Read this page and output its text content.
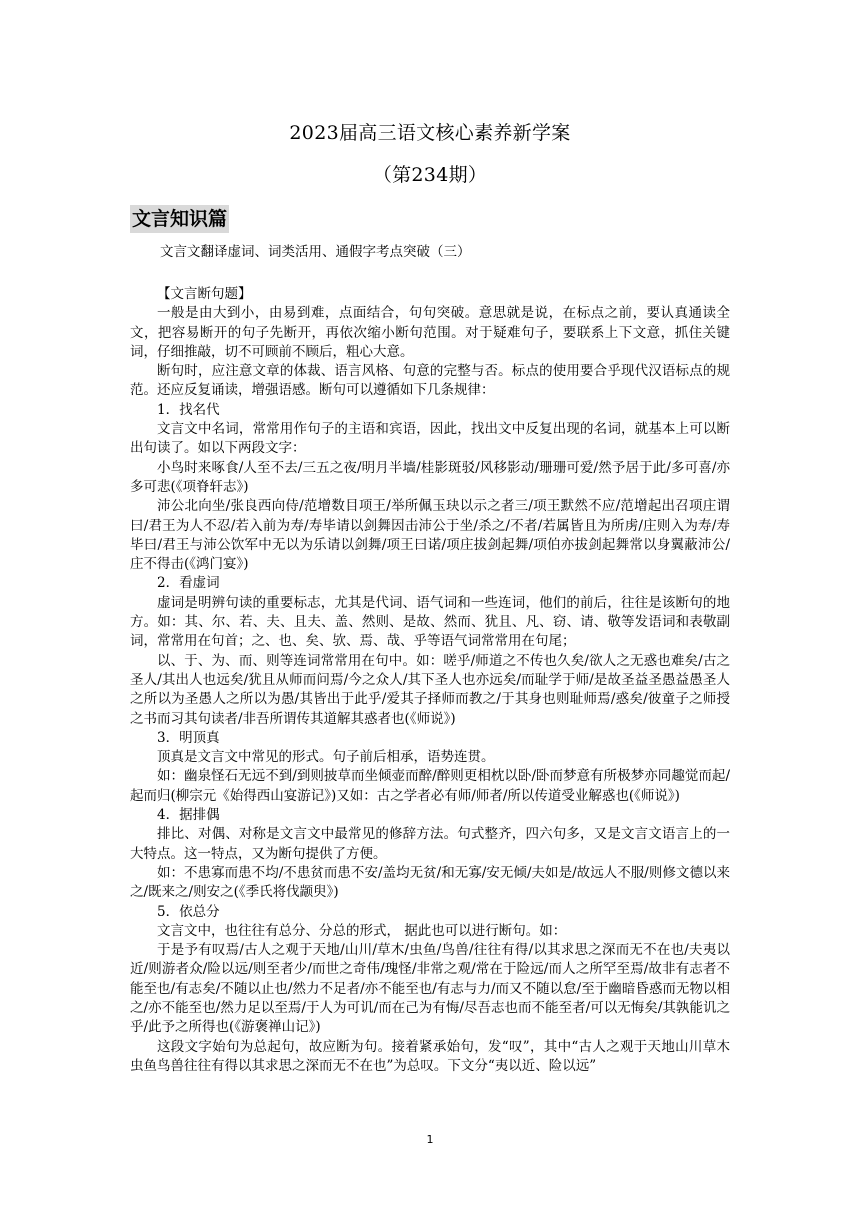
2023届高三语文核心素养新学案
（第234期）
文言知识篇
文言文翻译虚词、词类活用、通假字考点突破（三）

【文言断句题】

一般是由大到小，由易到难，点面结合，句句突破。意思就是说，在标点之前，要认真通读全文，把容易断开的句子先断开，再依次缩小断句范围。对于疑难句子，要联系上下文意，抓住关键词，仔细推敲，切不可顾前不顾后，粗心大意。

断句时，应注意文章的体裁、语言风格、句意的完整与否。标点的使用要合乎现代汉语标点的规范。还应反复诵读，增强语感。断句可以遵循如下几条规律：

1．找名代

文言文中名词，常常用作句子的主语和宾语，因此，找出文中反复出现的名词，就基本上可以断出句读了。如以下两段文字：

小鸟时来啄食/人至不去/三五之夜/明月半墙/桂影斑驳/风移影动/珊珊可爱/然予居于此/多可喜/亦多可悲(《项脊轩志》)

沛公北向坐/张良西向侍/范增数目项王/举所佩玉玦以示之者三/项王默然不应/范增起出召项庄谓曰/君王为人不忍/若入前为寿/寿毕请以剑舞因击沛公于坐/杀之/不者/若属皆且为所虏/庄则入为寿/寿毕曰/君王与沛公饮军中无以为乐请以剑舞/项王曰诺/项庄拔剑起舞/项伯亦拔剑起舞常以身翼蔽沛公/庄不得击(《鸿门宴》)

2．看虚词

虚词是明辨句读的重要标志，尤其是代词、语气词和一些连词，他们的前后，往往是该断句的地方。如：其、尔、若、夫、且夫、盖、然则、是故、然而、犹且、凡、窃、请、敬等发语词和表敬副词，常常用在句首；之、也、矣、欤、焉、哉、乎等语气词常常用在句尾；

以、于、为、而、则等连词常常用在句中。如：嗟乎/师道之不传也久矣/欲人之无惑也难矣/古之圣人/其出人也远矣/犹且从师而问焉/今之众人/其下圣人也亦远矣/而耻学于师/是故圣益圣愚益愚圣人之所以为圣愚人之所以为愚/其皆出于此乎/爱其子择师而教之/于其身也则耻师焉/惑矣/彼童子之师授之书而习其句读者/非吾所谓传其道解其惑者也(《师说》)

3．明顶真

顶真是文言文中常见的形式。句子前后相承，语势连贯。

如：幽泉怪石无远不到/到则披草而坐倾壶而醉/醉则更相枕以卧/卧而梦意有所极梦亦同趣觉而起/起而归(柳宗元《始得西山宴游记》)又如：古之学者必有师/师者/所以传道受业解惑也(《师说》)

4．据排偶

排比、对偶、对称是文言文中最常见的修辞方法。句式整齐，四六句多，又是文言文语言上的一大特点。这一特点，又为断句提供了方便。

如：不患寡而患不均/不患贫而患不安/盖均无贫/和无寡/安无倾/夫如是/故远人不服/则修文德以来之/既来之/则安之(《季氏将伐颛臾》)

5．依总分

文言文中，也往往有总分、分总的形式， 据此也可以进行断句。如：

于是予有叹焉/古人之观于天地/山川/草木/虫鱼/鸟兽/往往有得/以其求思之深而无不在也/夫夷以近/则游者众/险以远/则至者少/而世之奇伟/瑰怪/非常之观/常在于险远/而人之所罕至焉/故非有志者不能至也/有志矣/不随以止也/然力不足者/亦不能至也/有志与力/而又不随以怠/至于幽暗昏惑而无物以相之/亦不能至也/然力足以至焉/于人为可讥/而在己为有悔/尽吾志也而不能至者/可以无悔矣/其孰能讥之乎/此予之所得也(《游褒禅山记》)

这段文字始句为总起句，故应断为句。接着紧承始句，发“叹”，其中“古人之观于天地山川草木虫鱼鸟兽往往有得以其求思之深而无不在也”为总叹。下文分“夷以近、险以远”

1
